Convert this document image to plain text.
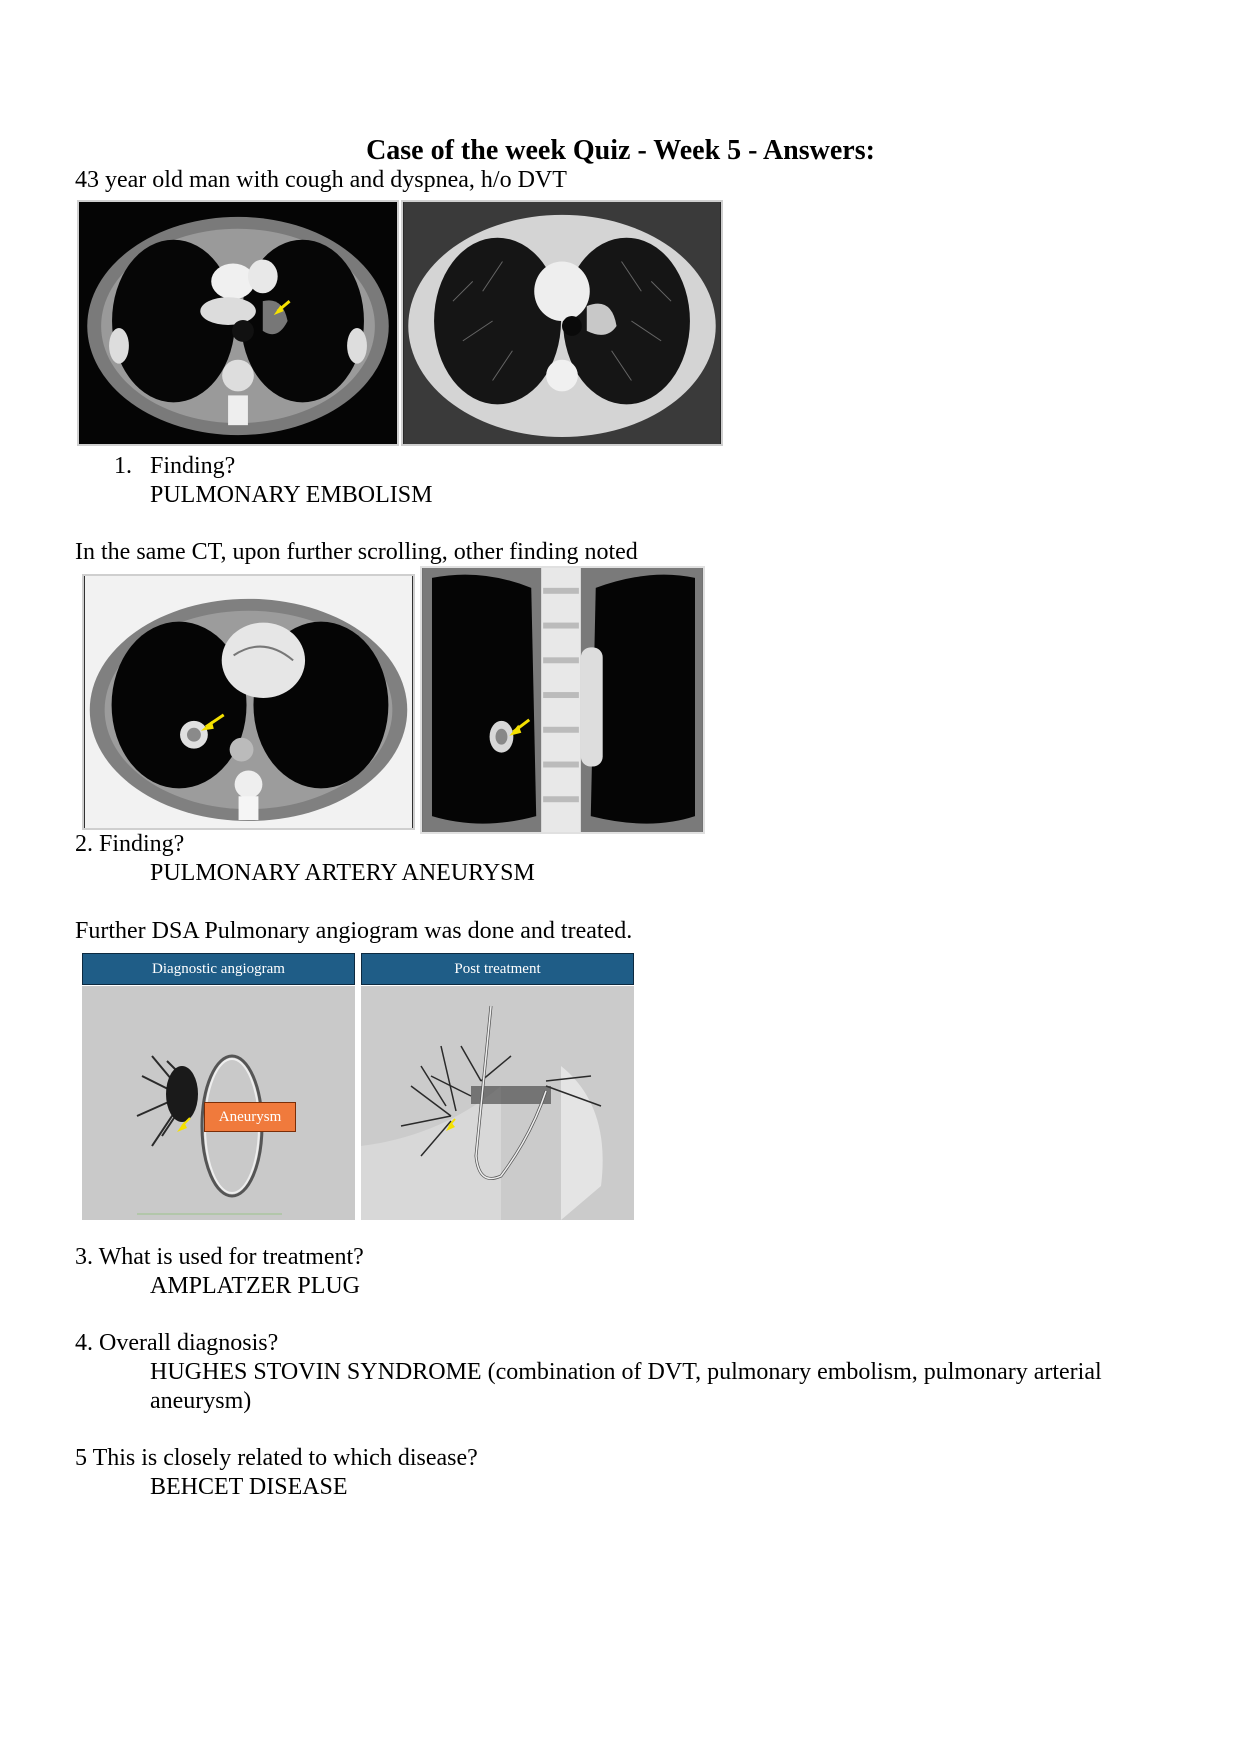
Case of the week Quiz - Week 5 - Answers:
43 year old man with cough and dyspnea, h/o DVT
1. Finding?
PULMONARY EMBOLISM
In the same CT, upon further scrolling, other finding noted
2. Finding?
PULMONARY ARTERY ANEURYSM
Further DSA Pulmonary angiogram was done and treated.
Diagnostic angiogram	Post treatment
Aneurysm
3. What is used for treatment?
AMPLATZER PLUG
4. Overall diagnosis?
HUGHES STOVIN SYNDROME (combination of DVT, pulmonary embolism, pulmonary arterial
aneurysm)
5 This is closely related to which disease?
BEHCET DISEASE
